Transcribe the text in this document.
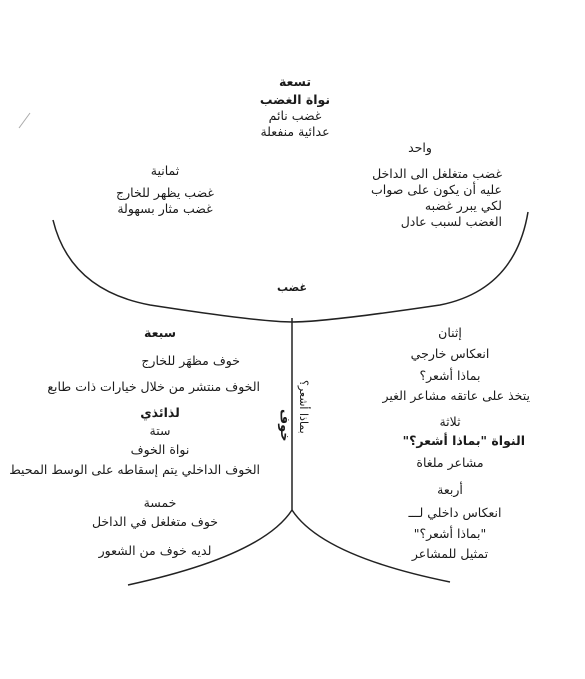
تسعة
نواة الغضب
غضب نائم
عدائية منفعلة
ثمانية
غضب يظهر للخارج
غضب مثار بسهولة
واحد
غضب متغلغل الى الداخل
عليه أن يكون على صواب
لكي يبرر غضبه
الغضب لسبب عادل
غضب
خوف بماذا أشعر؟
سبعة
خوف مظهَر للخارج
الخوف منتشر من خلال خيارات ذات طابع
لذائذي
ستة
نواة الخوف
الخوف الداخلي يتم إسقاطه على الوسط المحيط
خمسة
خوف متغلغل في الداخل
لديه خوف من الشعور
إثنان
انعكاس خارجي
بماذا أشعر؟
يتخذ على عاتقه مشاعر الغير
ثلاثة
النواة "بماذا أشعر؟"
مشاعر ملغاة
أربعة
انعكاس داخلي لـــ
"بماذا أشعر؟"
تمثيل للمشاعر
